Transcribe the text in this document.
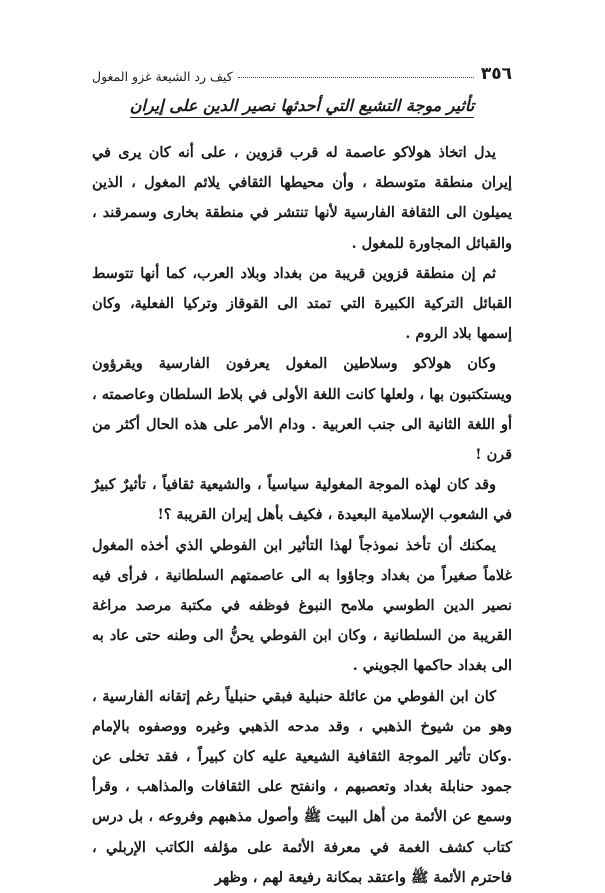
٣٥٦
كيف رد الشيعة غزو المغول
تأثير موجة التشيع التي أحدثها نصير الدين على إيران

يدل اتخاذ هولاكو عاصمة له قرب قزوين ، على أنه كان يرى في إيران منطقة متوسطة ، وأن محيطها الثقافي يلائم المغول ، الذين يميلون الى الثقافة الفارسية لأنها تنتشر في منطقة بخارى وسمرقند ، والقبائل المجاورة للمغول .

ثم إن منطقة قزوين قريبة من بغداد وبلاد العرب، كما أنها تتوسط القبائل التركية الكبيرة التي تمتد الى القوقاز وتركيا الفعلية، وكان إسمها بلاد الروم .

وكان هولاكو وسلاطين المغول يعرفون الفارسية ويقرؤون ويستكتبون بها ، ولعلها كانت اللغة الأولى في بلاط السلطان وعاصمته ، أو اللغة الثانية الى جنب العربية . ودام الأمر على هذه الحال أكثر من قرن !

وقد كان لهذه الموجة المغولية سياسياً ، والشيعية ثقافياً ، تأثيرٌ كبيرٌ في الشعوب الإسلامية البعيدة ، فكيف بأهل إيران القريبة ؟!

يمكنك أن تأخذ نموذجاً لهذا التأثير ابن الفوطي الذي أخذه المغول غلاماً صغيراً من بغداد وجاؤوا به الى عاصمتهم السلطانية ، فرأى فيه نصير الدين الطوسي ملامح النبوغ فوظفه في مكتبة مرصد مراغة القريبة من السلطانية ، وكان ابن الفوطي يحنُّ الى وطنه حتى عاد به الى بغداد حاكمها الجويني .

كان ابن الفوطي من عائلة حنبلية فبقي حنبلياً رغم إتقانه الفارسية ، وهو من شيوخ الذهبي ، وقد مدحه الذهبي وغيره ووصفوه بالإمام .وكان تأثير الموجة الثقافية الشيعية عليه كان كبيراً ، فقد تخلى عن جمود حنابلة بغداد وتعصبهم ، وانفتح على الثقافات والمذاهب ، وقرأ وسمع عن الأئمة من أهل البيت ﷺ وأصول مذهبهم وفروعه ، بل درس كتاب كشف الغمة في معرفة الأئمة على مؤلفه الكاتب الإربلي ، فاحترم الأئمة ﷺ واعتقد بمكانة رفيعة لهم ، وظهر
